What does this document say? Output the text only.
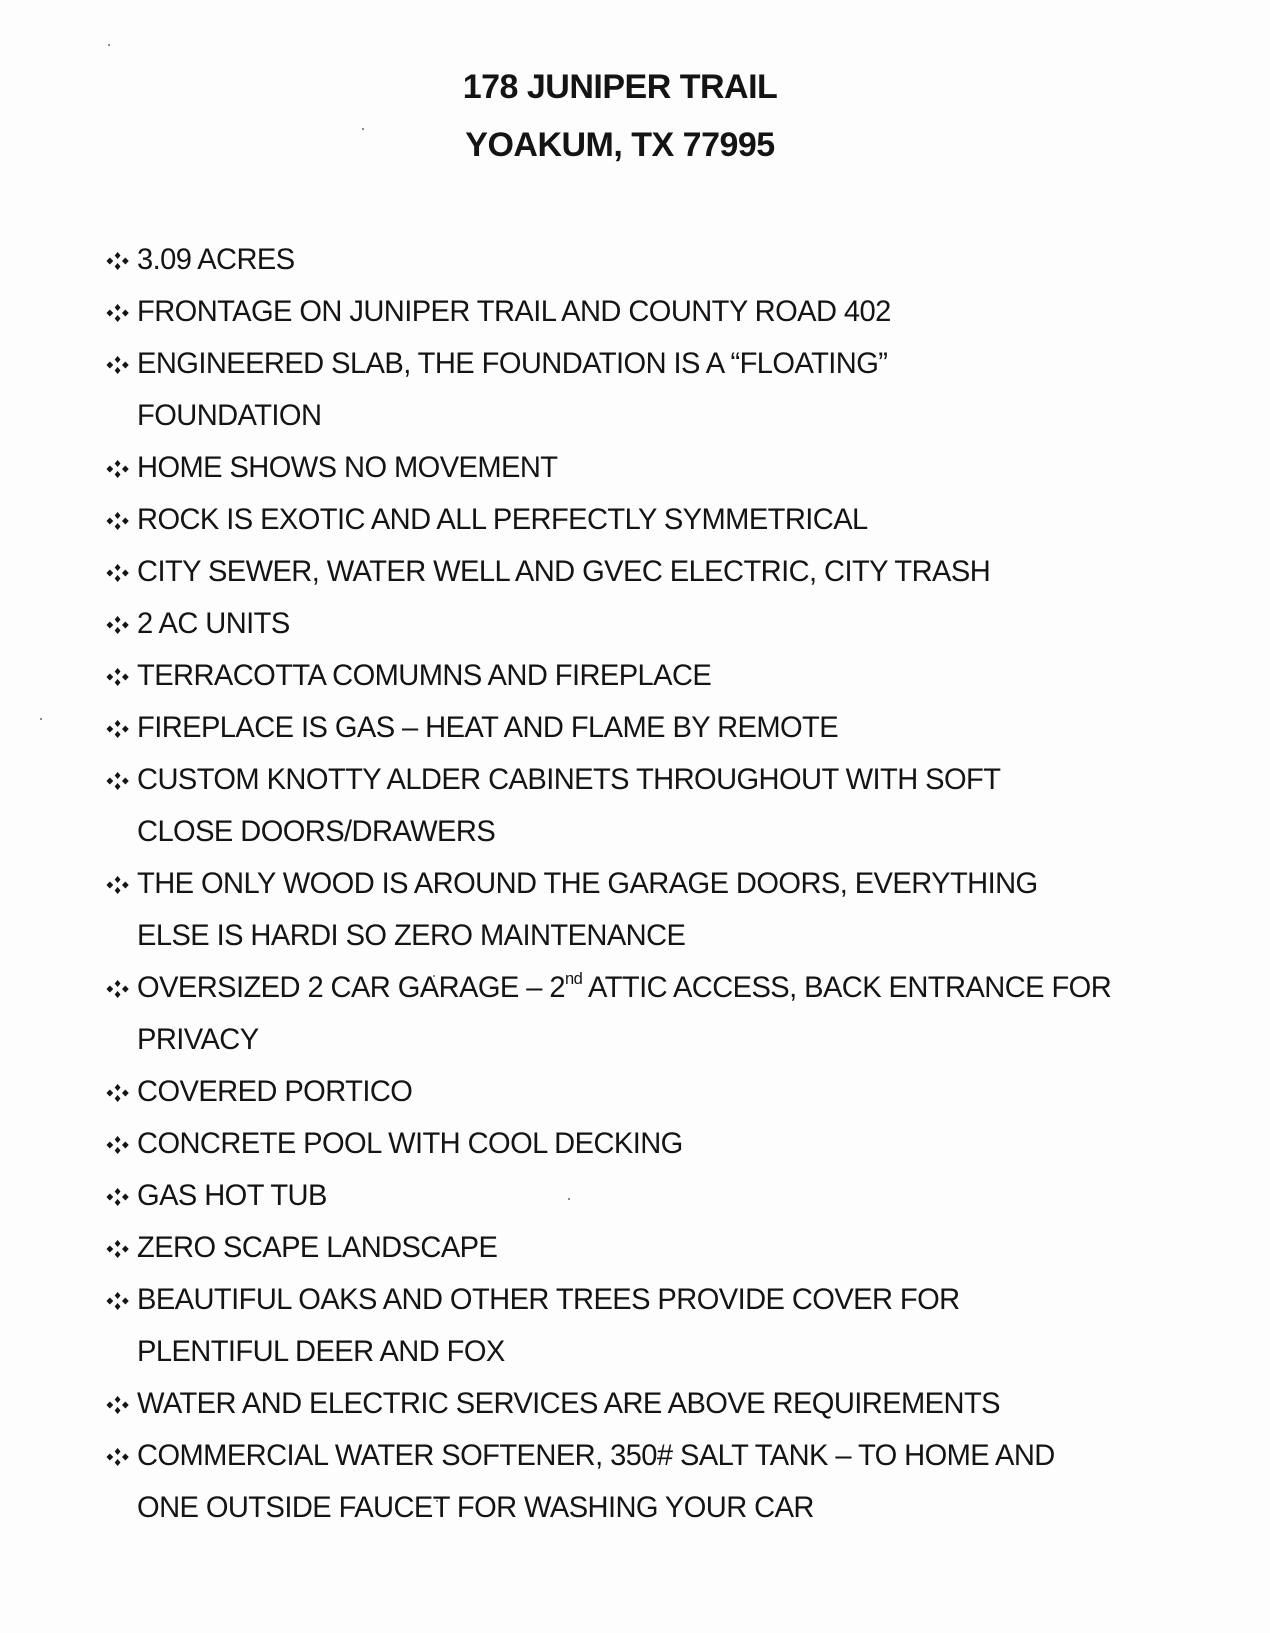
178 JUNIPER TRAIL
YOAKUM, TX 77995
3.09 ACRES
FRONTAGE ON JUNIPER TRAIL AND COUNTY ROAD 402
ENGINEERED SLAB, THE FOUNDATION IS A “FLOATING”
FOUNDATION
HOME SHOWS NO MOVEMENT
ROCK IS EXOTIC AND ALL PERFECTLY SYMMETRICAL
CITY SEWER, WATER WELL AND GVEC ELECTRIC, CITY TRASH
2 AC UNITS
TERRACOTTA COMUMNS AND FIREPLACE
FIREPLACE IS GAS – HEAT AND FLAME BY REMOTE
CUSTOM KNOTTY ALDER CABINETS THROUGHOUT WITH SOFT
CLOSE DOORS/DRAWERS
THE ONLY WOOD IS AROUND THE GARAGE DOORS, EVERYTHING
ELSE IS HARDI SO ZERO MAINTENANCE
OVERSIZED 2 CAR GARAGE – 2nd ATTIC ACCESS, BACK ENTRANCE FOR
PRIVACY
COVERED PORTICO
CONCRETE POOL WITH COOL DECKING
GAS HOT TUB
ZERO SCAPE LANDSCAPE
BEAUTIFUL OAKS AND OTHER TREES PROVIDE COVER FOR
PLENTIFUL DEER AND FOX
WATER AND ELECTRIC SERVICES ARE ABOVE REQUIREMENTS
COMMERCIAL WATER SOFTENER, 350# SALT TANK – TO HOME AND
ONE OUTSIDE FAUCET FOR WASHING YOUR CAR
